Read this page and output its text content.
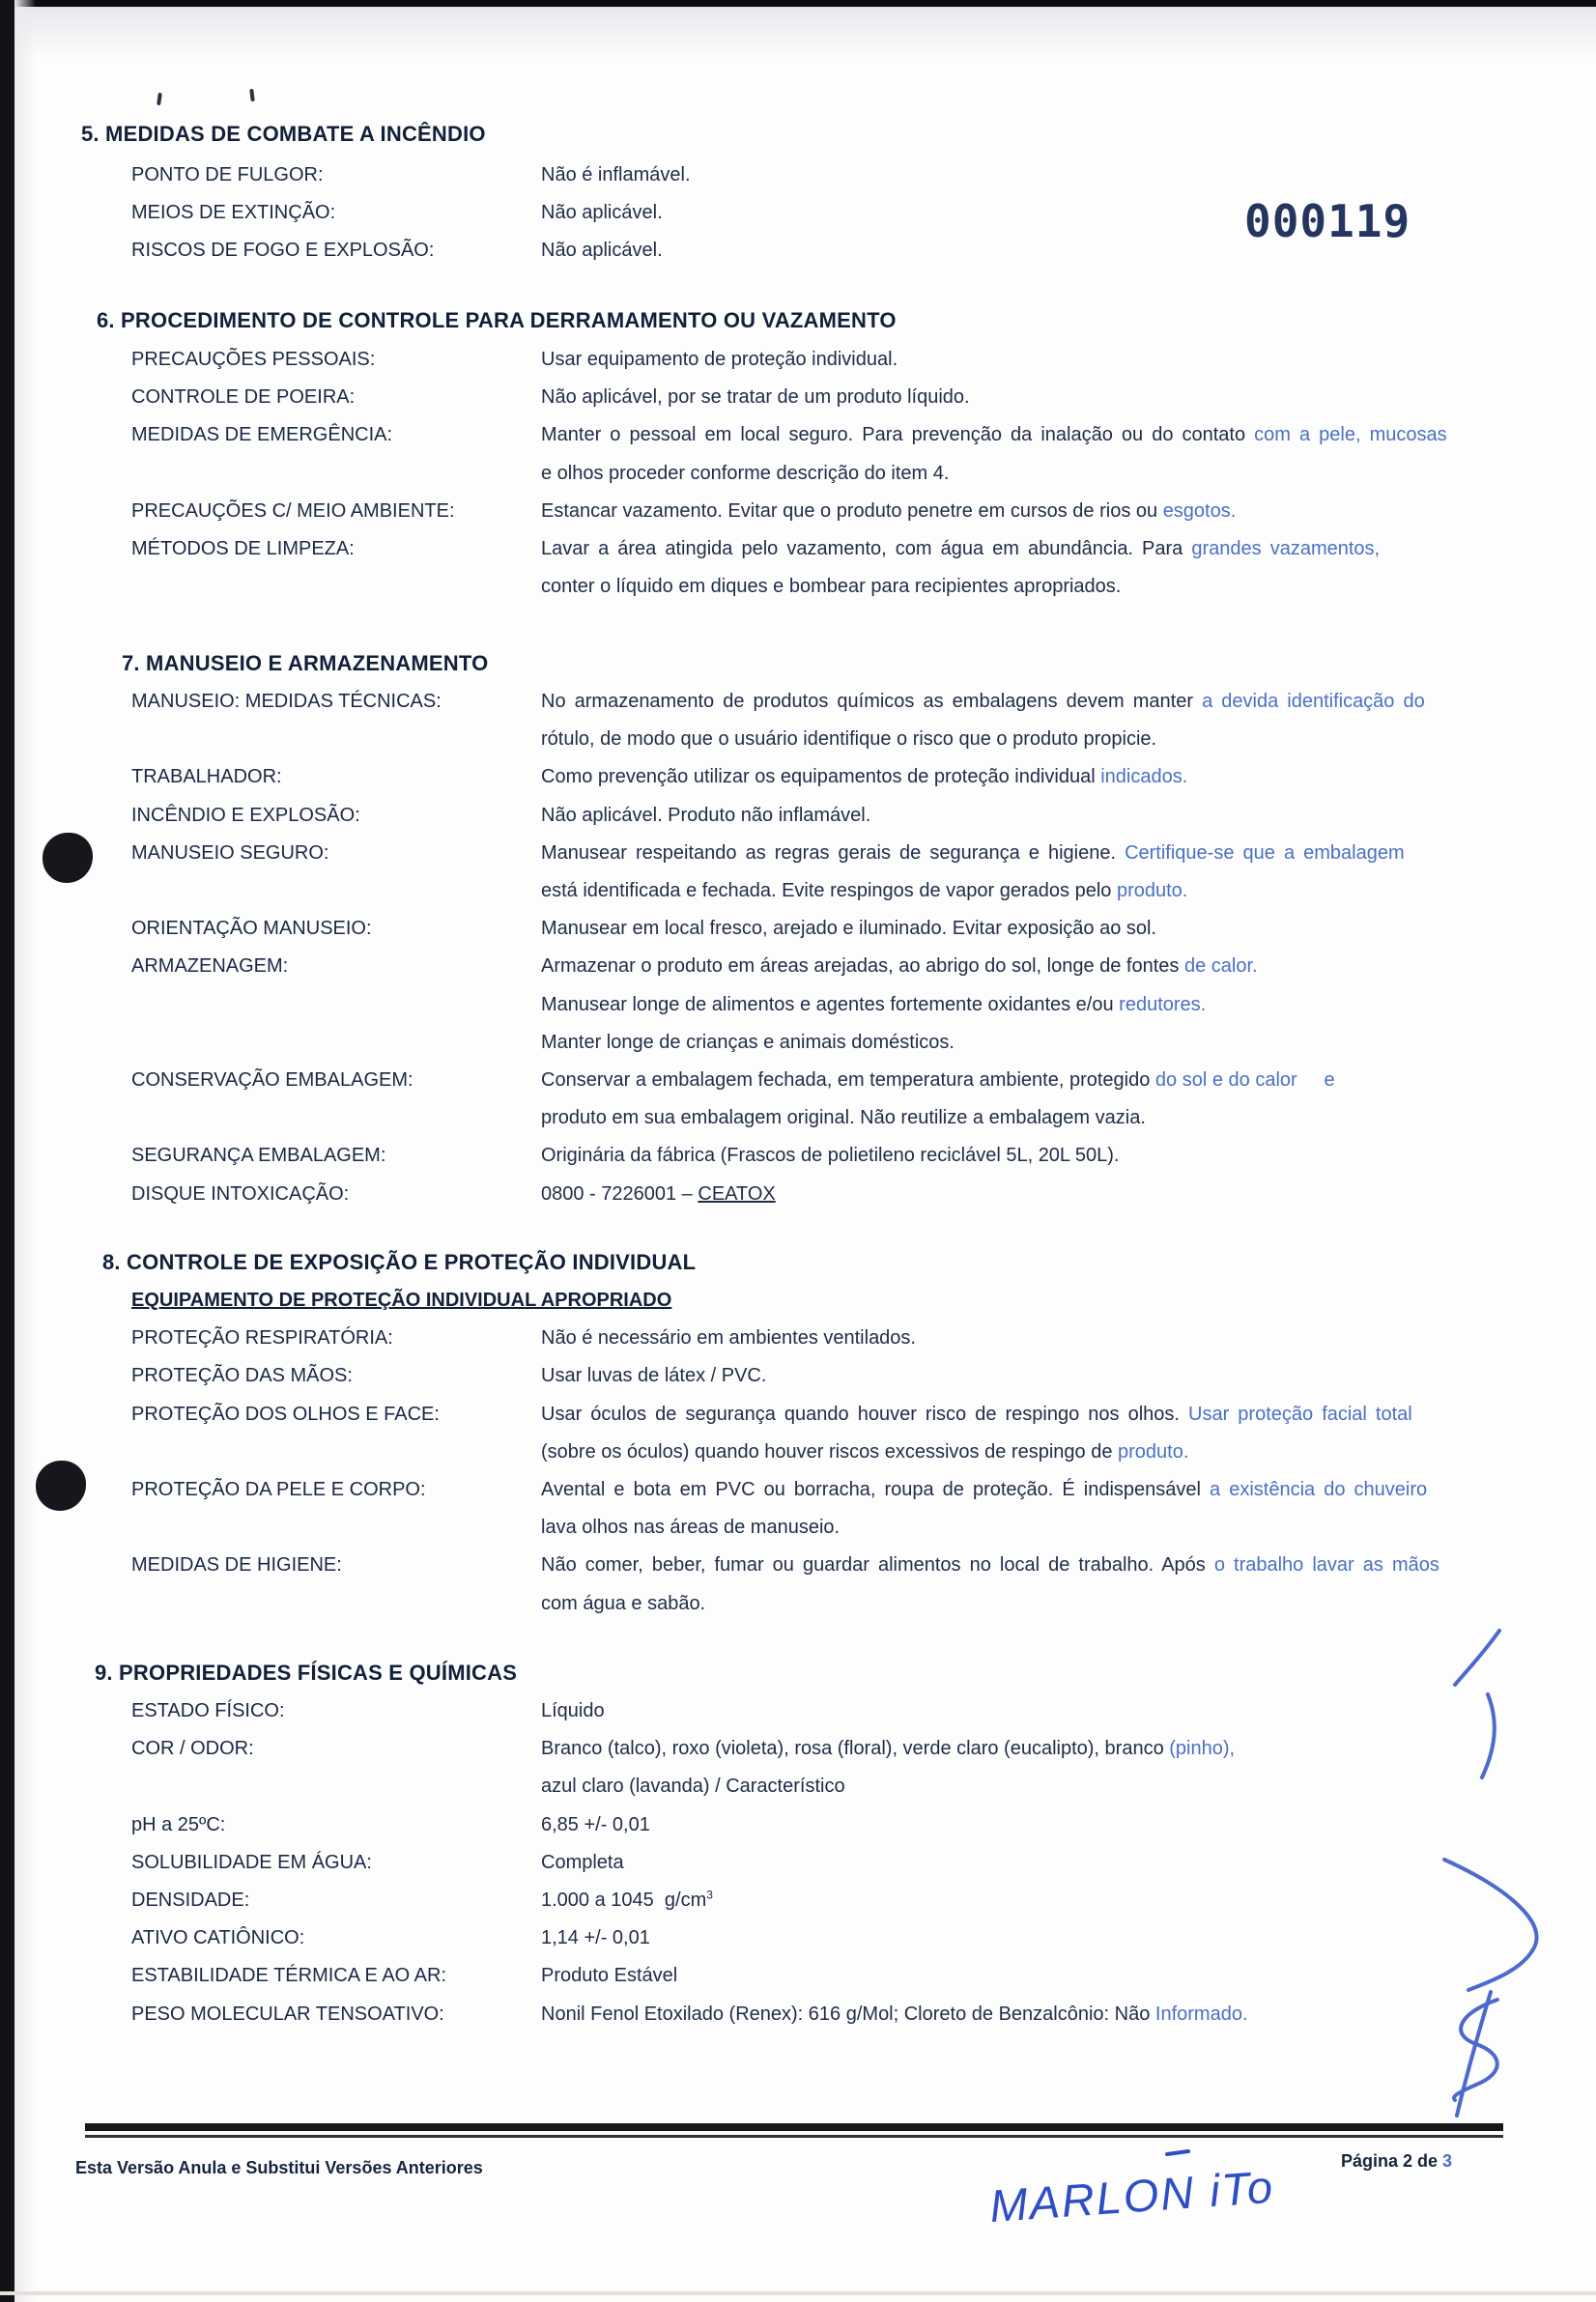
000119
5. MEDIDAS DE COMBATE A INCÊNDIO
PONTO DE FULGOR:	Não é inflamável.
MEIOS DE EXTINÇÃO:	Não aplicável.
RISCOS DE FOGO E EXPLOSÃO:	Não aplicável.
6. PROCEDIMENTO DE CONTROLE PARA DERRAMAMENTO OU VAZAMENTO
PRECAUÇÕES PESSOAIS:	Usar equipamento de proteção individual.
CONTROLE DE POEIRA:	Não aplicável, por se tratar de um produto líquido.
MEDIDAS DE EMERGÊNCIA:	Manter o pessoal em local seguro. Para prevenção da inalação ou do contato com a pele, mucosas
e olhos proceder conforme descrição do item 4.
PRECAUÇÕES C/ MEIO AMBIENTE:	Estancar vazamento. Evitar que o produto penetre em cursos de rios ou esgotos.
MÉTODOS DE LIMPEZA:	Lavar a área atingida pelo vazamento, com água em abundância. Para grandes vazamentos,
conter o líquido em diques e bombear para recipientes apropriados.
7. MANUSEIO E ARMAZENAMENTO
MANUSEIO: MEDIDAS TÉCNICAS:	No armazenamento de produtos químicos as embalagens devem manter a devida identificação do
rótulo, de modo que o usuário identifique o risco que o produto propicie.
TRABALHADOR:	Como prevenção utilizar os equipamentos de proteção individual indicados.
INCÊNDIO E EXPLOSÃO:	Não aplicável. Produto não inflamável.
MANUSEIO SEGURO:	Manusear respeitando as regras gerais de segurança e higiene. Certifique-se que a embalagem
está identificada e fechada. Evite respingos de vapor gerados pelo produto.
ORIENTAÇÃO MANUSEIO:	Manusear em local fresco, arejado e iluminado. Evitar exposição ao sol.
ARMAZENAGEM:	Armazenar o produto em áreas arejadas, ao abrigo do sol, longe de fontes de calor.
Manusear longe de alimentos e agentes fortemente oxidantes e/ou redutores.
Manter longe de crianças e animais domésticos.
CONSERVAÇÃO EMBALAGEM:	Conservar a embalagem fechada, em temperatura ambiente, protegido do sol e do calor e
produto em sua embalagem original. Não reutilize a embalagem vazia.
SEGURANÇA EMBALAGEM:	Originária da fábrica (Frascos de polietileno reciclável 5L, 20L 50L).
DISQUE INTOXICAÇÃO:	0800 - 7226001 – CEATOX
8. CONTROLE DE EXPOSIÇÃO E PROTEÇÃO INDIVIDUAL
EQUIPAMENTO DE PROTEÇÃO INDIVIDUAL APROPRIADO
PROTEÇÃO RESPIRATÓRIA:	Não é necessário em ambientes ventilados.
PROTEÇÃO DAS MÃOS:	Usar luvas de látex / PVC.
PROTEÇÃO DOS OLHOS E FACE:	Usar óculos de segurança quando houver risco de respingo nos olhos. Usar proteção facial total
(sobre os óculos) quando houver riscos excessivos de respingo de produto.
PROTEÇÃO DA PELE E CORPO:	Avental e bota em PVC ou borracha, roupa de proteção. É indispensável a existência do chuveiro
lava olhos nas áreas de manuseio.
MEDIDAS DE HIGIENE:	Não comer, beber, fumar ou guardar alimentos no local de trabalho. Após o trabalho lavar as mãos
com água e sabão.
9. PROPRIEDADES FÍSICAS E QUÍMICAS
ESTADO FÍSICO:	Líquido
COR / ODOR:	Branco (talco), roxo (violeta), rosa (floral), verde claro (eucalipto), branco (pinho),
azul claro (lavanda) / Característico
pH a 25ºC:	6,85 +/- 0,01
SOLUBILIDADE EM ÁGUA:	Completa
DENSIDADE:	1.000 a 1045  $g/cm^3$
ATIVO CATIÔNICO:	1,14 +/- 0,01
ESTABILIDADE TÉRMICA E AO AR:	Produto Estável
PESO MOLECULAR TENSOATIVO:	Nonil Fenol Etoxilado (Renex): 616 g/Mol; Cloreto de Benzalcônio: Não Informado.
Esta Versão Anula e Substitui Versões Anteriores	Página 2 de 3
MARLON iTo
